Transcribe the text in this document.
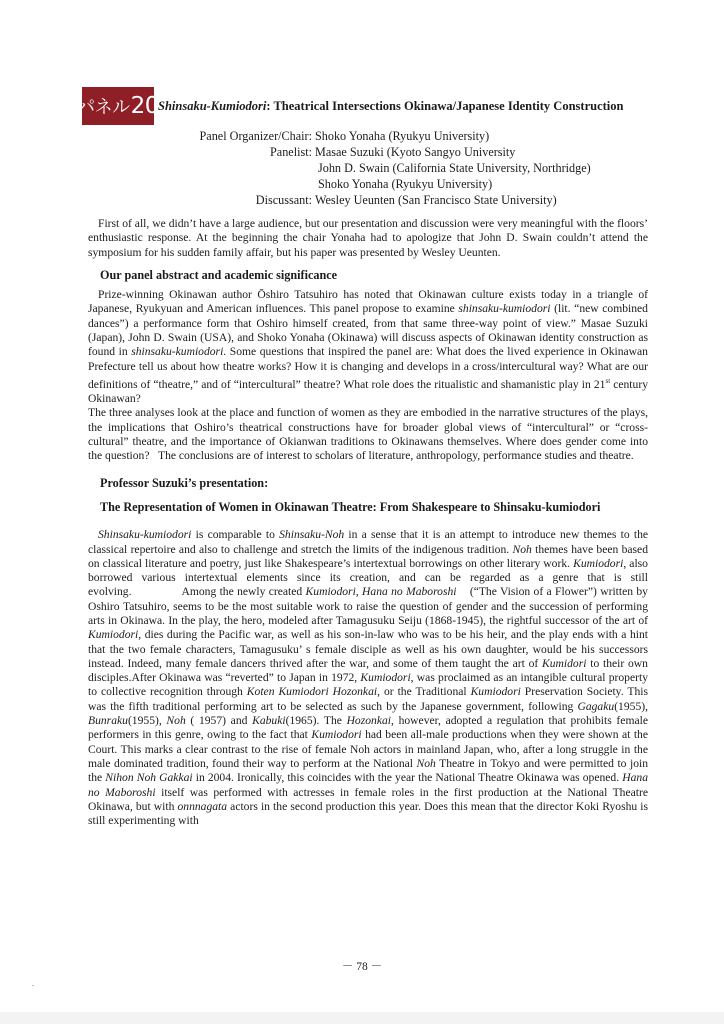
パネル 20 Shinsaku-Kumiodori: Theatrical Intersections Okinawa/Japanese Identity Construction
Panel Organizer/Chair: Shoko Yonaha (Ryukyu University)
Panelist: Masae Suzuki (Kyoto Sangyo University
John D. Swain (California State University, Northridge)
Shoko Yonaha (Ryukyu University)
Discussant: Wesley Ueunten (San Francisco State University)

First of all, we didn’t have a large audience, but our presentation and discussion were very meaningful with the floors’ enthusiastic response. At the beginning the chair Yonaha had to apologize that John D. Swain couldn’t attend the symposium for his sudden family affair, but his paper was presented by Wesley Ueunten.

Our panel abstract and academic significance

Prize-winning Okinawan author Ōshiro Tatsuhiro has noted that Okinawan culture exists today in a triangle of Japanese, Ryukyuan and American influences. This panel propose to examine shinsaku-kumiodori (lit. “new combined dances”) a performance form that Oshiro himself created, from that same three-way point of view.” Masae Suzuki (Japan), John D. Swain (USA), and Shoko Yonaha (Okinawa) will discuss aspects of Okinawan identity construction as found in shinsaku-kumiodori. Some questions that inspired the panel are: What does the lived experience in Okinawan Prefecture tell us about how theatre works? How it is changing and develops in a cross/intercultural way? What are our definitions of “theatre,” and of “intercultural” theatre? What role does the ritualistic and shamanistic play in 21st century Okinawan?

The three analyses look at the place and function of women as they are embodied in the narrative structures of the plays, the implications that Oshiro’s theatrical constructions have for broader global views of “intercultural” or “cross-cultural” theatre, and the importance of Okianwan traditions to Okinawans themselves. Where does gender come into the question?   The conclusions are of interest to scholars of literature, anthropology, performance studies and theatre.

Professor Suzuki’s presentation:

The Representation of Women in Okinawan Theatre: From Shakespeare to Shinsaku-kumiodori

Shinsaku-kumiodori is comparable to Shinsaku-Noh in a sense that it is an attempt to introduce new themes to the classical repertoire and also to challenge and stretch the limits of the indigenous tradition. Noh themes have been based on classical literature and poetry, just like Shakespeare’s intertextual borrowings on other literary work. Kumiodori, also borrowed various intertextual elements since its creation, and can be regarded as a genre that is still evolving.               Among the newly created Kumiodori, Hana no Maboroshi    (“The Vision of a Flower”) written by Oshiro Tatsuhiro, seems to be the most suitable work to raise the question of gender and the succession of performing arts in Okinawa. In the play, the hero, modeled after Tamagusuku Seiju (1868-1945), the rightful successor of the art of Kumiodori, dies during the Pacific war, as well as his son-in-law who was to be his heir, and the play ends with a hint that the two female characters, Tamagusuku’ s female disciple as well as his own daughter, would be his successors instead. Indeed, many female dancers thrived after the war, and some of them taught the art of Kumidori to their own disciples.After Okinawa was “reverted” to Japan in 1972, Kumiodori, was proclaimed as an intangible cultural property to collective recognition through Koten Kumiodori Hozonkai, or the Traditional Kumiodori Preservation Society. This was the fifth traditional performing art to be selected as such by the Japanese government, following Gagaku(1955), Bunraku(1955), Noh ( 1957) and Kabuki(1965). The Hozonkai, however, adopted a regulation that prohibits female performers in this genre, owing to the fact that Kumiodori had been all-male productions when they were shown at the Court. This marks a clear contrast to the rise of female Noh actors in mainland Japan, who, after a long struggle in the male dominated tradition, found their way to perform at the National Noh Theatre in Tokyo and were permitted to join the Nihon Noh Gakkai in 2004. Ironically, this coincides with the year the National Theatre Okinawa was opened. Hana no Maboroshi itself was performed with actresses in female roles in the first production at the National Theatre Okinawa, but with onnnagata actors in the second production this year. Does this mean that the director Koki Ryoshu is still experimenting with

－ 78 －
